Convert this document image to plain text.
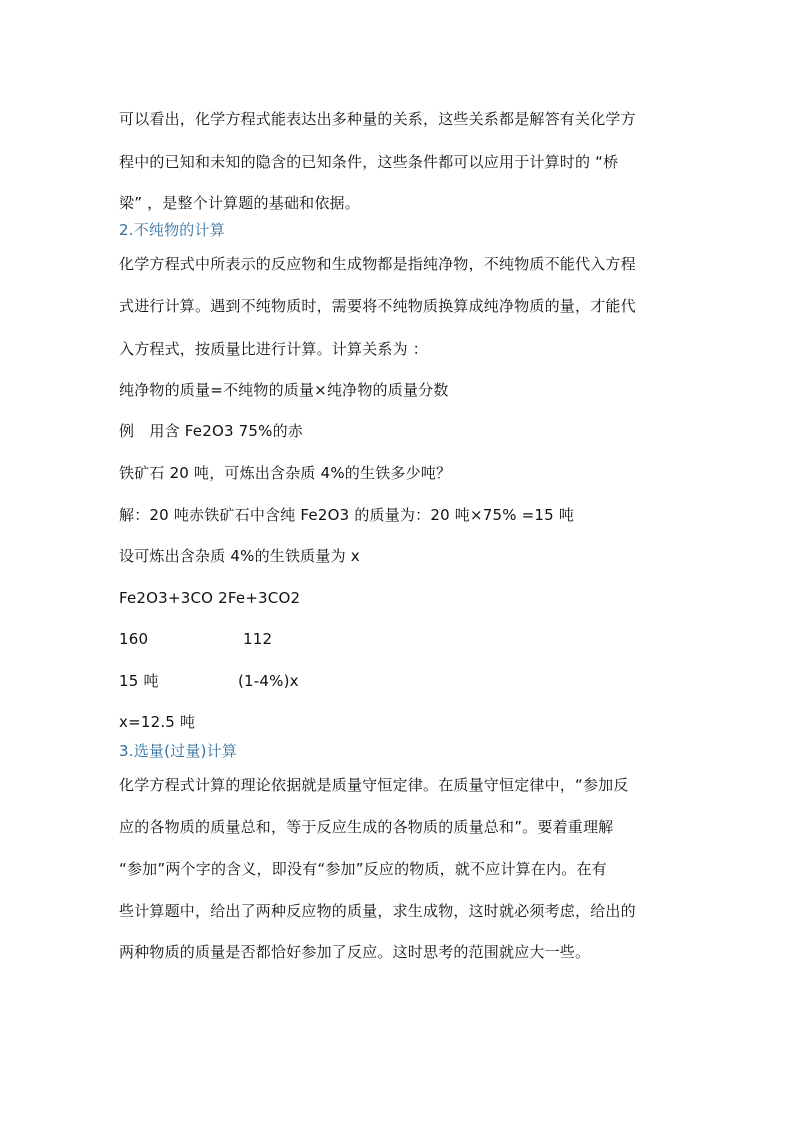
可以看出，化学方程式能表达出多种量的关系，这些关系都是解答有关化学方
程中的已知和未知的隐含的已知条件，这些条件都可以应用于计算时的 “桥
梁” ，是整个计算题的基础和依据。
2.不纯物的计算
化学方程式中所表示的反应物和生成物都是指纯净物，不纯物质不能代入方程
式进行计算。遇到不纯物质时，需要将不纯物质换算成纯净物质的量，才能代
入方程式，按质量比进行计算。计算关系为 ：
纯净物的质量=不纯物的质量×纯净物的质量分数
例　用含 Fe2O3 75%的赤
铁矿石 20 吨，可炼出含杂质 4%的生铁多少吨？
解：20 吨赤铁矿石中含纯 Fe2O3 的质量为：20 吨×75% =15 吨
设可炼出含杂质 4%的生铁质量为 x
Fe2O3+3CO 2Fe+3CO2
160	112
15 吨	(1-4%)x
x=12.5 吨
3.选量(过量)计算
化学方程式计算的理论依据就是质量守恒定律。在质量守恒定律中，“参加反
应的各物质的质量总和，等于反应生成的各物质的质量总和”。要着重理解
“参加”两个字的含义，即没有“参加”反应的物质，就不应计算在内。在有
些计算题中，给出了两种反应物的质量，求生成物，这时就必须考虑，给出的
两种物质的质量是否都恰好参加了反应。这时思考的范围就应大一些。
